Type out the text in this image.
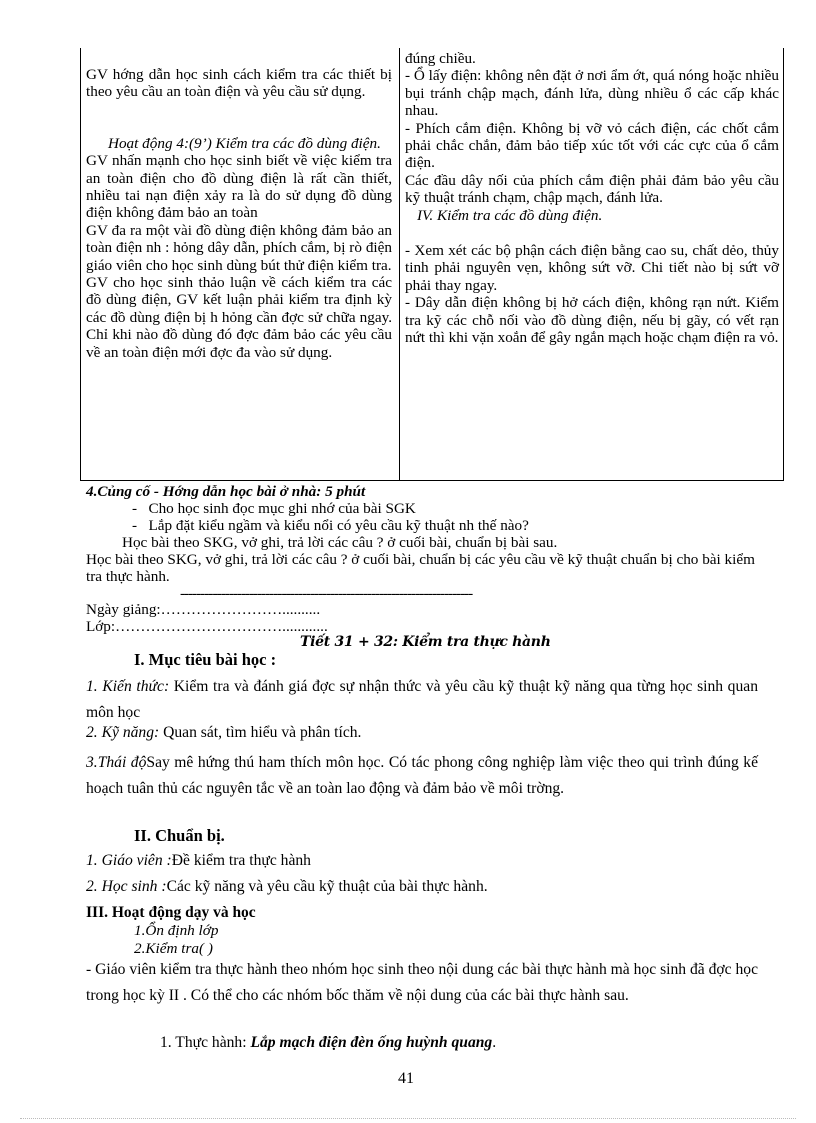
GV hớng dẫn học sinh cách kiểm tra các thiết bị theo yêu cầu an toàn điện và yêu cầu sử dụng.

Hoạt động 4:(9’) Kiểm tra các đồ dùng điện.

GV nhấn mạnh cho học sinh biết về việc kiểm tra an toàn điện cho đồ dùng điện là rất cần thiết, nhiều tai nạn điện xảy ra là do sử dụng đồ dùng điện không đảm bảo an toàn

GV đa ra một vài đồ dùng điện không đảm bảo an toàn điện nh : hỏng dây dẫn, phích cắm, bị rò điện giáo viên cho học sinh dùng bút thử điện kiểm tra.

GV cho học sinh thảo luận về cách kiểm tra các đồ dùng điện, GV kết luận phải kiểm tra định kỳ các đồ dùng điện bị h hỏng cần đợc sử chữa ngay. Chỉ khi nào đồ dùng đó đợc đảm bảo các yêu cầu về an toàn điện mới đợc đa vào sử dụng.

đúng chiều.

- Ổ lấy điện: không nên đặt ở nơi ẩm ớt, quá nóng hoặc nhiều bụi tránh chập mạch, đánh lửa, dùng nhiều ổ các cấp khác nhau.

- Phích cắm điện. Không bị vỡ vỏ cách điện, các chốt cắm phải chắc chắn, đảm bảo tiếp xúc tốt với các cực của ổ cắm điện.

Các đầu dây nối của phích cắm điện phải đảm bảo yêu cầu kỹ thuật tránh chạm, chập mạch, đánh lửa.

IV. Kiểm tra các đồ dùng điện.

- Xem xét các bộ phận cách điện bằng cao su, chất dẻo, thủy tinh phải nguyên vẹn, không sứt vỡ. Chi tiết nào bị sứt vỡ phải thay ngay.

- Dây dẫn điện không bị hở cách điện, không rạn nứt. Kiểm tra kỹ các chỗ nối vào đồ dùng điện, nếu bị gãy, có vết rạn nứt thì khi vặn xoắn để gây ngắn mạch hoặc chạm điện ra vỏ.

4.Củng cố - Hớng dẫn học bài ở nhà: 5 phút
-   Cho học sinh đọc mục ghi nhớ của bài SGK
-   Lắp đặt kiểu ngầm và kiểu nổi có yêu cầu kỹ thuật nh thế nào?
Học bài theo SKG, vở ghi, trả lời các câu ? ở cuối bài, chuẩn bị bài sau.
Học bài theo SKG, vở ghi, trả lời các câu ? ở cuối bài, chuẩn bị các yêu cầu về kỹ thuật chuẩn bị cho bài kiểm tra thực hành.
------------------------------------------------------------------------
Ngày giảng:……………………..........
Lớp:……………………………............
Tiết 31 + 32: Kiểm tra thực hành
I. Mục tiêu bài học :
1. Kiến thức: Kiểm tra và đánh giá đợc sự nhận thức và yêu cầu kỹ thuật kỹ năng qua từng học sinh quan môn học
2. Kỹ năng: Quan sát, tìm hiểu và phân tích.
3.Thái độSay mê hứng thú ham thích môn học. Có tác phong công nghiệp làm việc theo qui trình đúng kế hoạch tuân thủ các nguyên tắc về an toàn lao động và đảm bảo về môi trờng.
II. Chuẩn bị.
1. Giáo viên :Đề kiểm tra thực hành
2. Học sinh :Các kỹ năng và yêu cầu kỹ thuật của bài thực hành.
III. Hoạt động dạy và học
1.Ổn định lớp
2.Kiểm tra( )
- Giáo viên kiểm tra thực hành theo nhóm học sinh theo nội dung các bài thực hành mà học sinh đã đợc học trong học kỳ II . Có thể cho các nhóm bốc thăm về nội dung của các bài thực hành sau.
1. Thực hành: Lắp mạch điện đèn ống huỳnh quang.
41
